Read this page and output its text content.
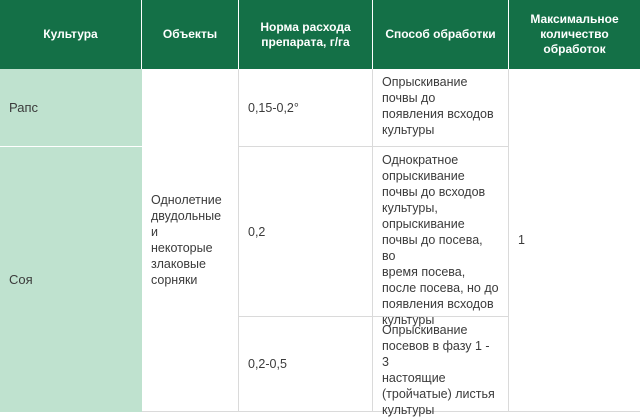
Культура	Объекты
Норма расхода препарата, г/га
Способ обработки
Максимальное количество обработок
Рапс
Соя
Однолетние
двудольные и
некоторые
злаковые
сорняки
0,15-0,2°
0,2
0,2-0,5
Опрыскивание
почвы до
появления всходов
культуры
Однократное
опрыскивание
почвы до всходов
культуры,
опрыскивание
почвы до посева, во
время посева,
после посева, но до
появления всходов
культуры
Опрыскивание
посевов в фазу 1 - 3
настоящие
(тройчатые) листья
культуры
1
